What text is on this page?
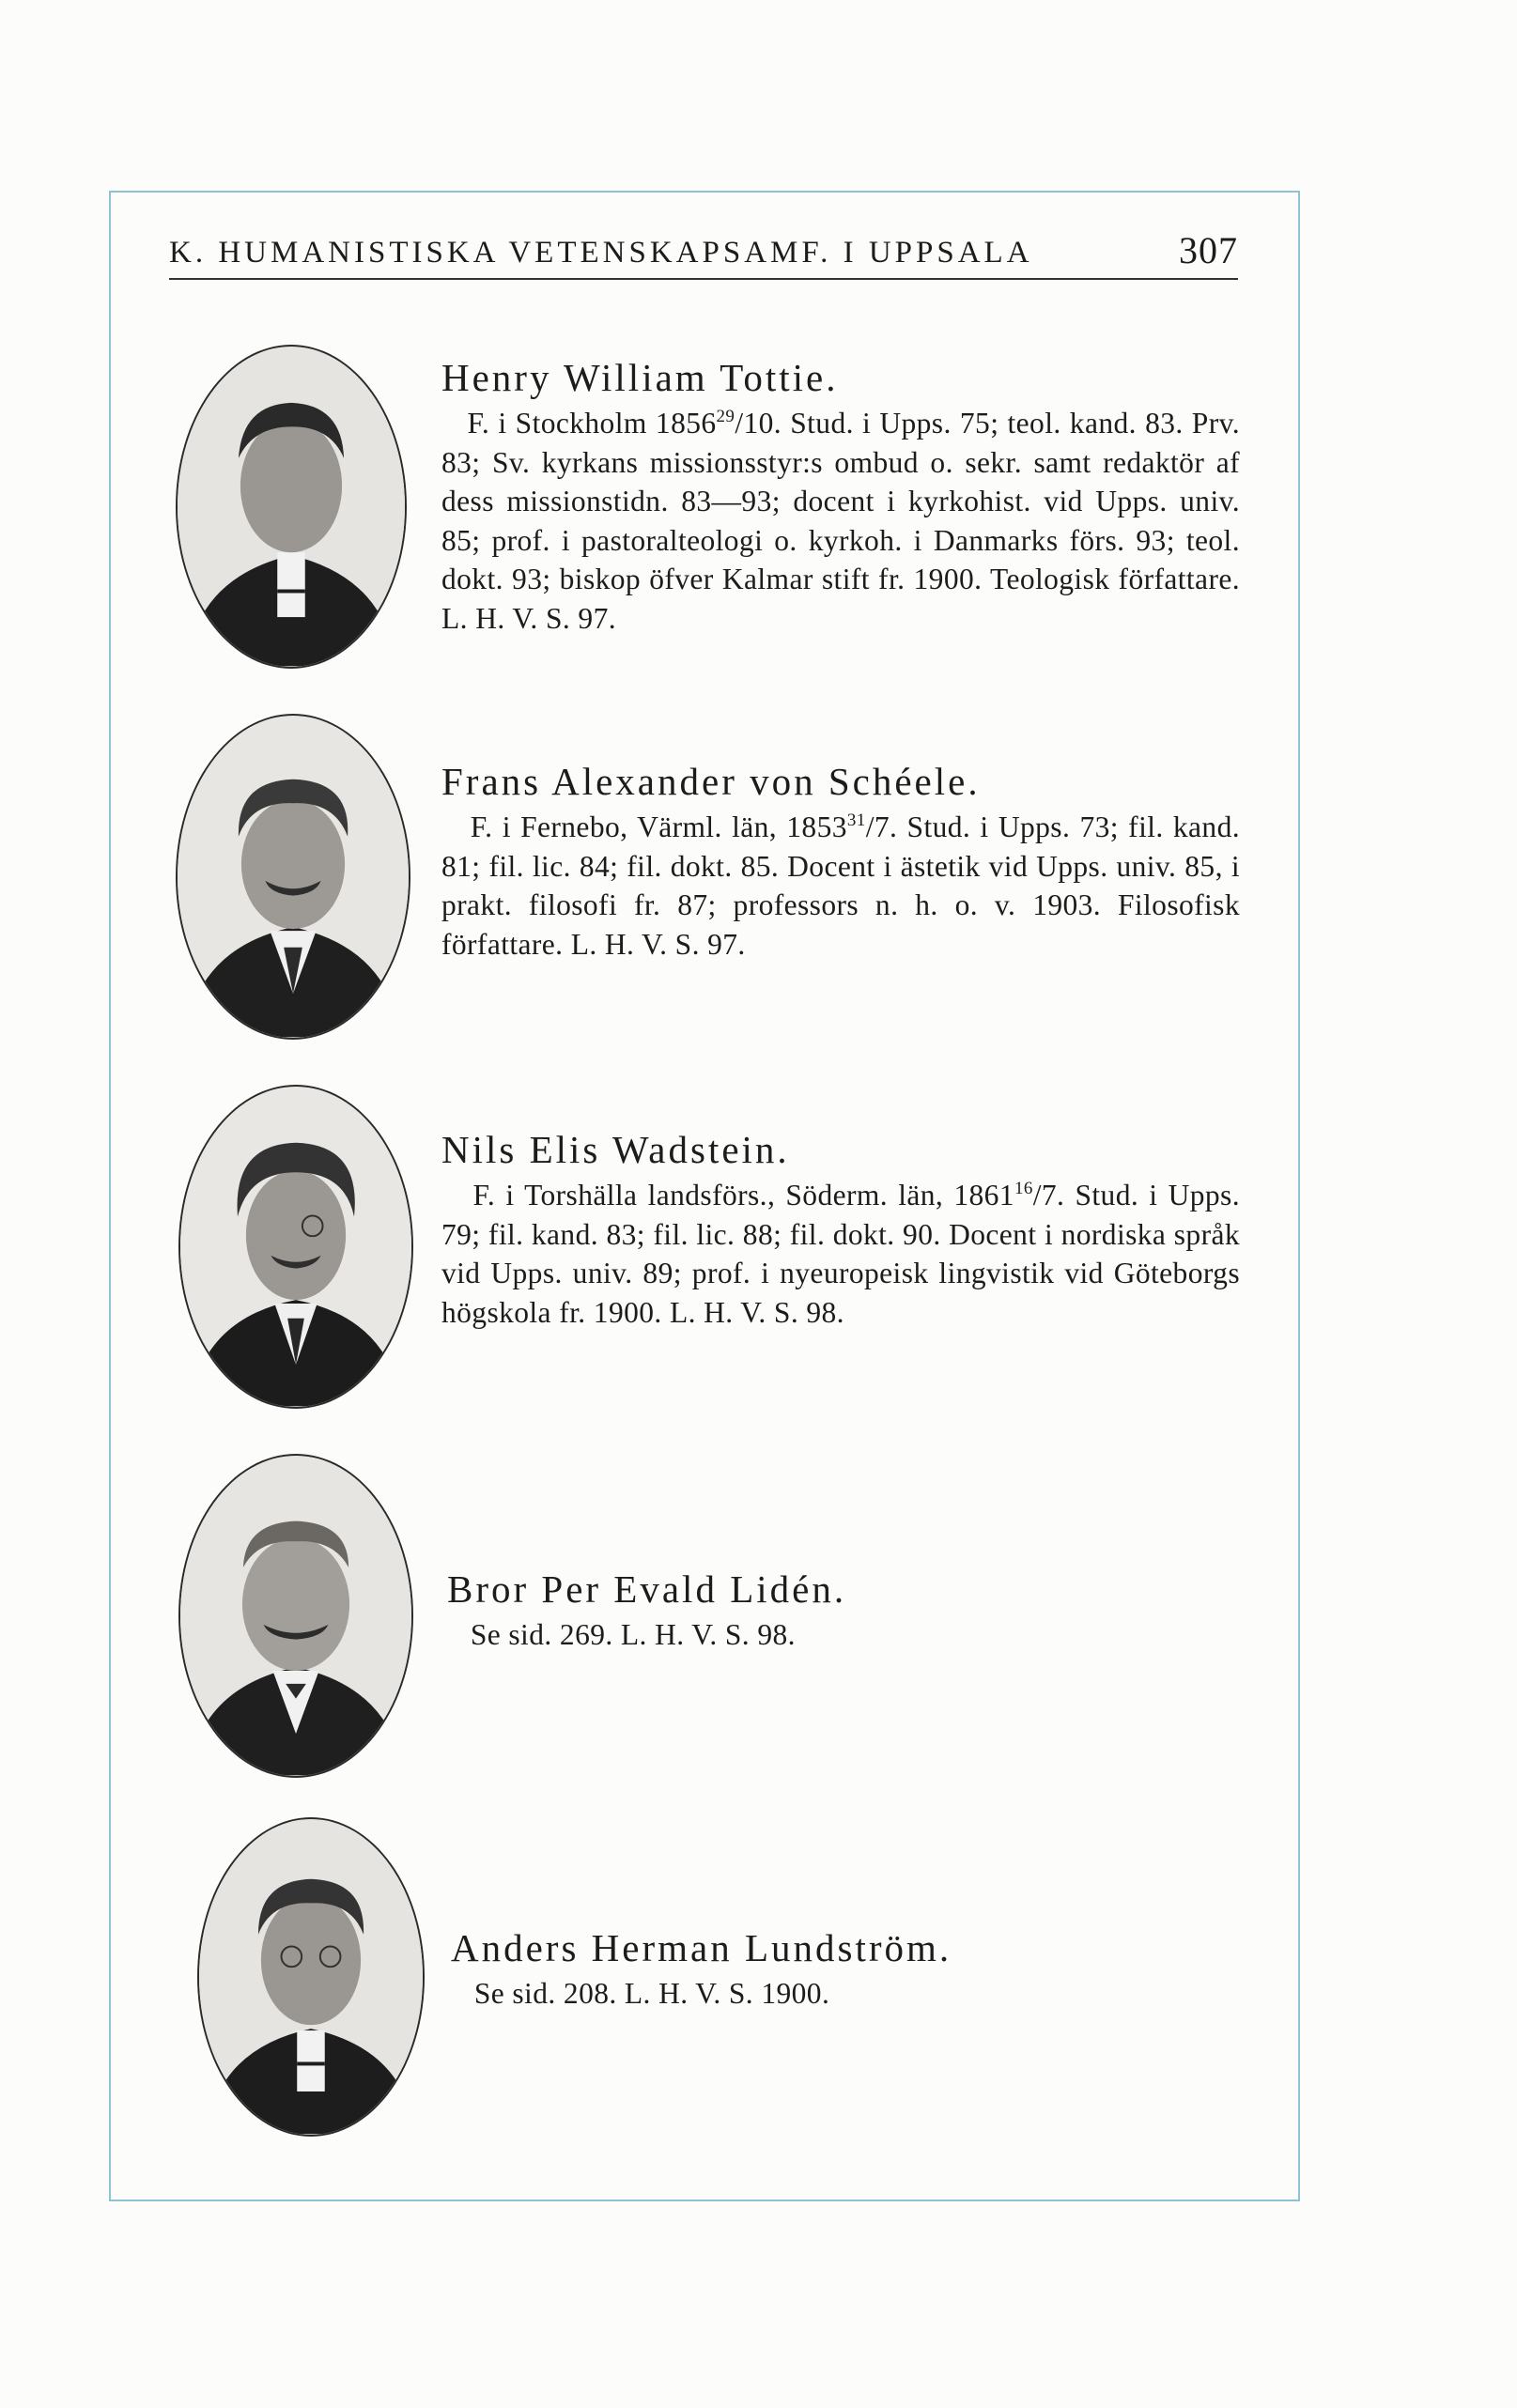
K. HUMANISTISKA VETENSKAPSAMF. I UPPSALA	307
Henry William Tottie.
F. i Stockholm 1856$^{29}$/10. Stud. i Upps. 75; teol. kand. 83. Prv. 83; Sv. kyrkans missionsstyr:s ombud o. sekr. samt redaktör af dess missionstidn. 83—93; docent i kyrkohist. vid Upps. univ. 85; prof. i pastoralteologi o. kyrkoh. i Danmarks förs. 93; teol. dokt. 93; biskop öfver Kalmar stift fr. 1900. Teologisk författare. L. H. V. S. 97.
Frans Alexander von Schéele.
F. i Fernebo, Värml. län, 1853$^{31}$/7. Stud. i Upps. 73; fil. kand. 81; fil. lic. 84; fil. dokt. 85. Docent i ästetik vid Upps. univ. 85, i prakt. filosofi fr. 87; professors n. h. o. v. 1903. Filosofisk författare. L. H. V. S. 97.
Nils Elis Wadstein.
F. i Torshälla landsförs., Söderm. län, 1861$^{16}$/7. Stud. i Upps. 79; fil. kand. 83; fil. lic. 88; fil. dokt. 90. Docent i nordiska språk vid Upps. univ. 89; prof. i nyeuropeisk lingvistik vid Göteborgs högskola fr. 1900. L. H. V. S. 98.
Bror Per Evald Lidén.
Se sid. 269. L. H. V. S. 98.
Anders Herman Lundström.
Se sid. 208. L. H. V. S. 1900.
